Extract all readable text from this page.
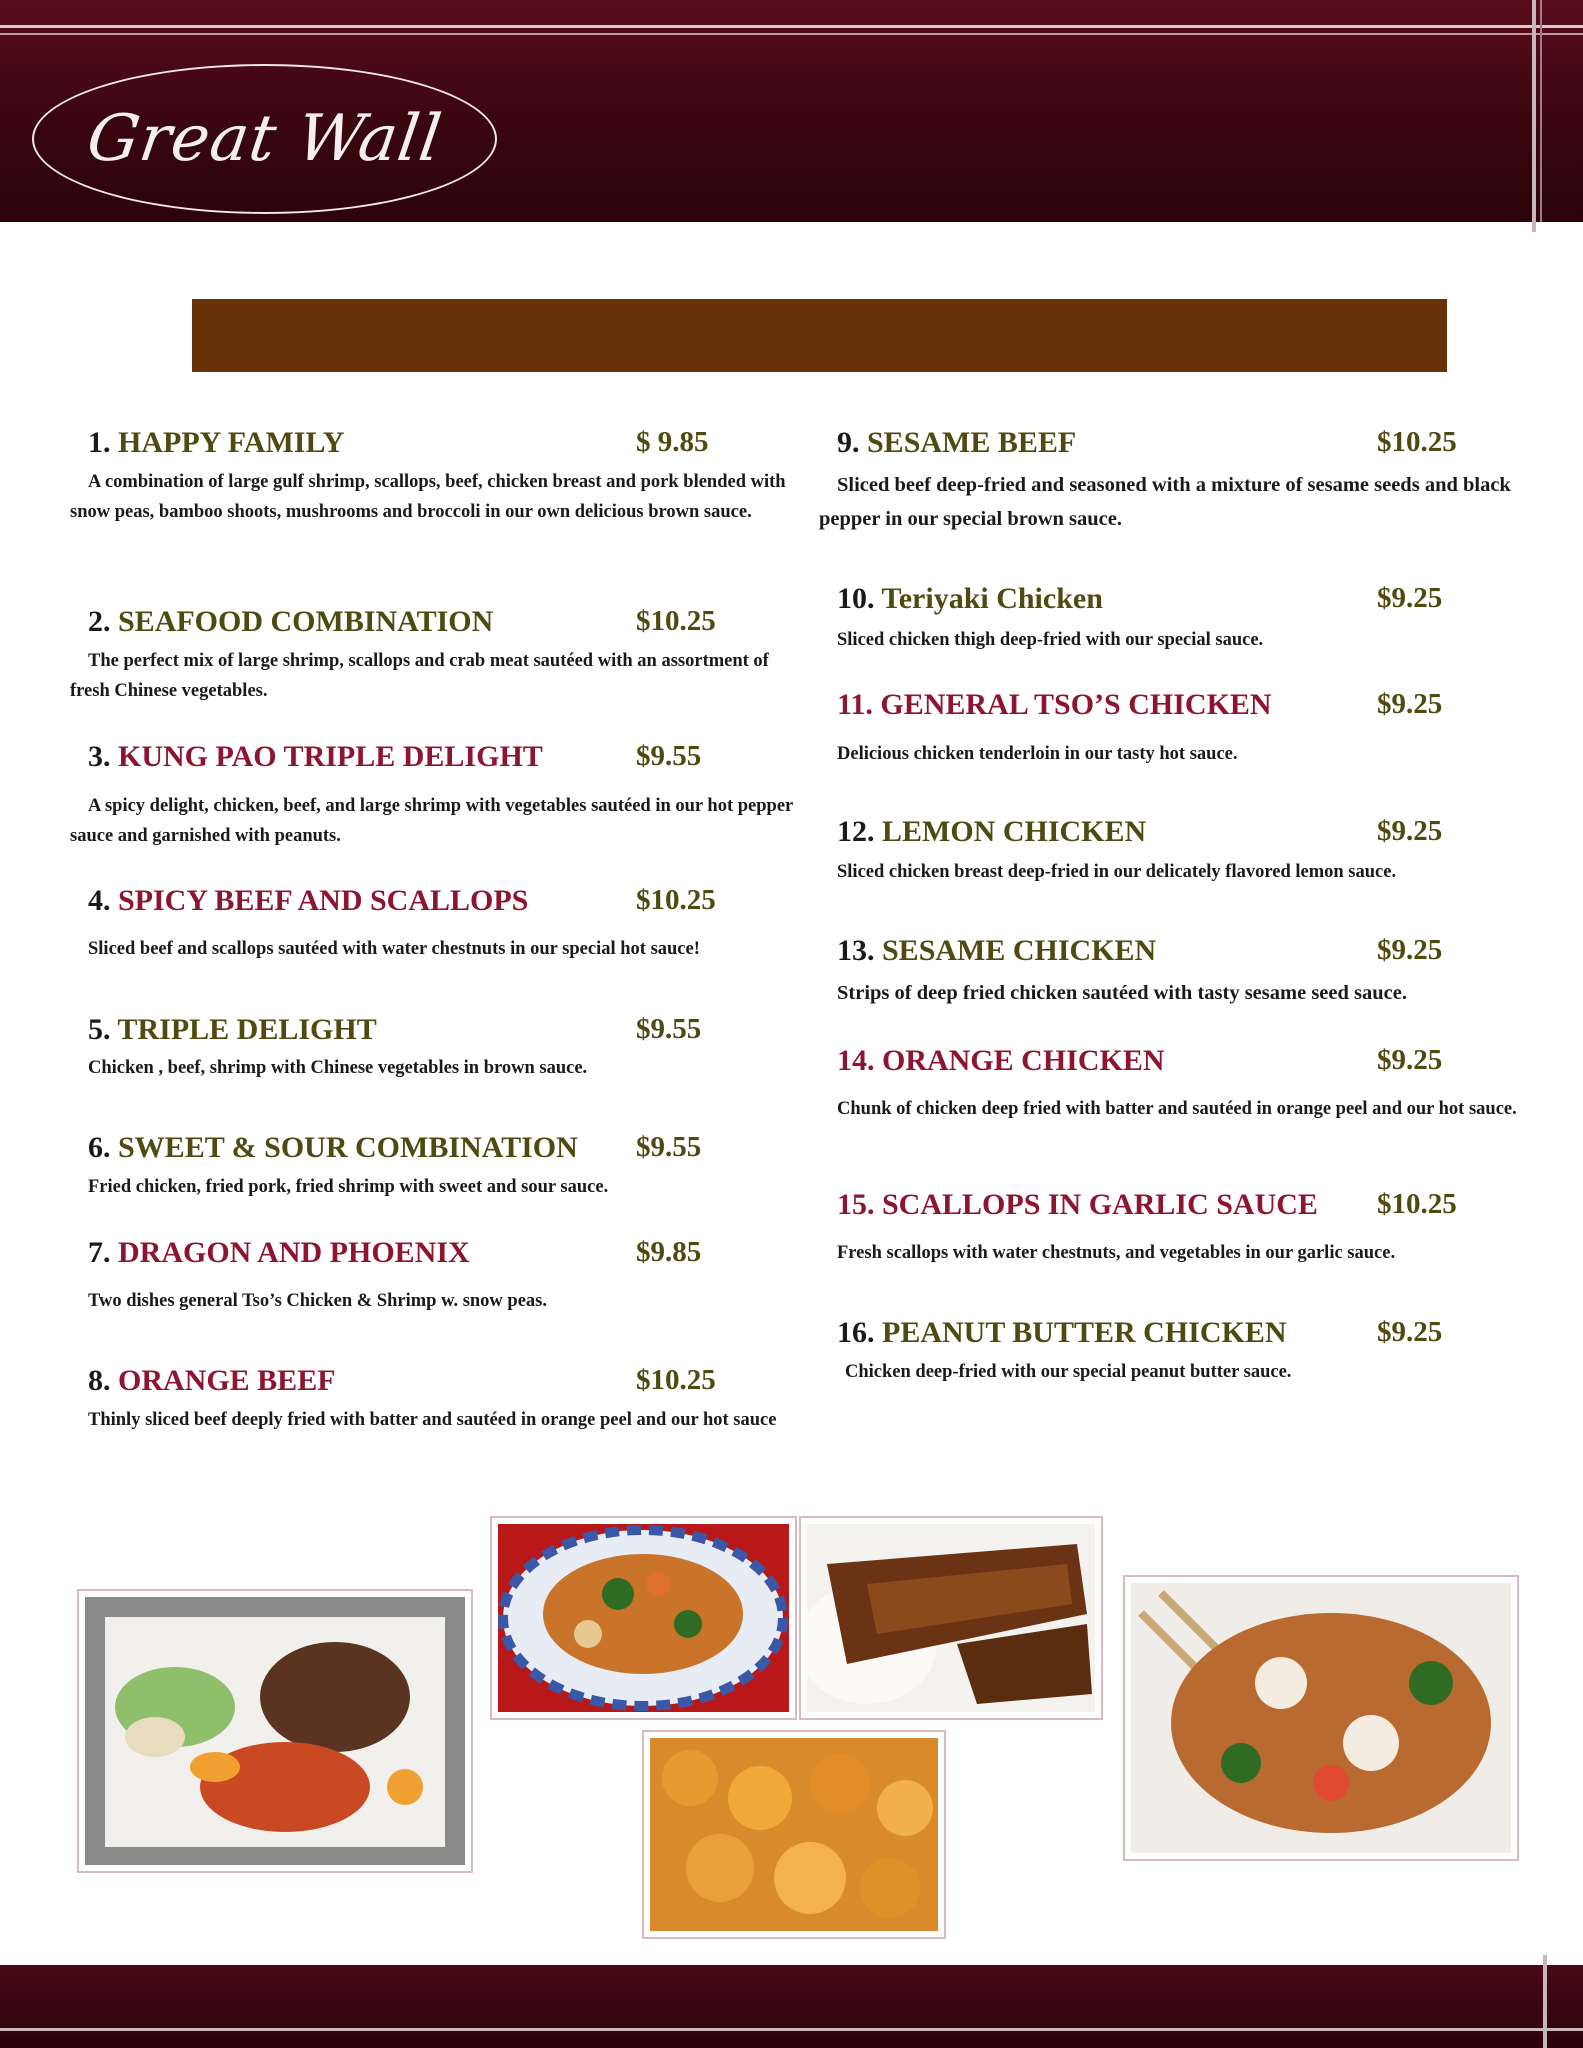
Great Wall
1. HAPPY FAMILY	$ 9.85
A combination of large gulf shrimp, scallops, beef, chicken breast and pork blended with snow peas, bamboo shoots, mushrooms and broccoli in our own delicious brown sauce.
2. SEAFOOD COMBINATION	$10.25
The perfect mix of large shrimp, scallops and crab meat sautéed with an assortment of fresh Chinese vegetables.
3. KUNG PAO TRIPLE DELIGHT	$9.55
A spicy delight, chicken, beef, and large shrimp with vegetables sautéed in our hot pepper sauce and garnished with peanuts.
4. SPICY BEEF AND SCALLOPS	$10.25
Sliced beef and scallops sautéed with water chestnuts in our special hot sauce!
5. TRIPLE DELIGHT	$9.55
Chicken , beef, shrimp with Chinese vegetables in brown sauce.
6. SWEET & SOUR COMBINATION $9.55
Fried chicken, fried pork, fried shrimp with sweet and sour sauce.
7. DRAGON AND PHOENIX	$9.85
Two dishes general Tso’s Chicken & Shrimp w. snow peas.
8. ORANGE BEEF	$10.25
Thinly sliced beef deeply fried with batter and sautéed in orange peel and our hot sauce
9. SESAME BEEF	$10.25
Sliced beef deep-fried and seasoned with a mixture of sesame seeds and black pepper in our special brown sauce.
10. Teriyaki Chicken	$9.25
Sliced chicken thigh deep-fried with our special sauce.
11. GENERAL TSO’S CHICKEN	$9.25
Delicious chicken tenderloin in our tasty hot sauce.
12. LEMON CHICKEN	$9.25
Sliced chicken breast deep-fried in our delicately flavored lemon sauce.
13. SESAME CHICKEN	$9.25
Strips of deep fried chicken sautéed with tasty sesame seed sauce.
14. ORANGE CHICKEN	$9.25
Chunk of chicken deep fried with batter and sautéed in orange peel and our hot sauce.
15. SCALLOPS IN GARLIC SAUCE $10.25
Fresh scallops with water chestnuts, and vegetables in our garlic sauce.
16. PEANUT BUTTER CHICKEN	$9.25
Chicken deep-fried with our special peanut butter sauce.
